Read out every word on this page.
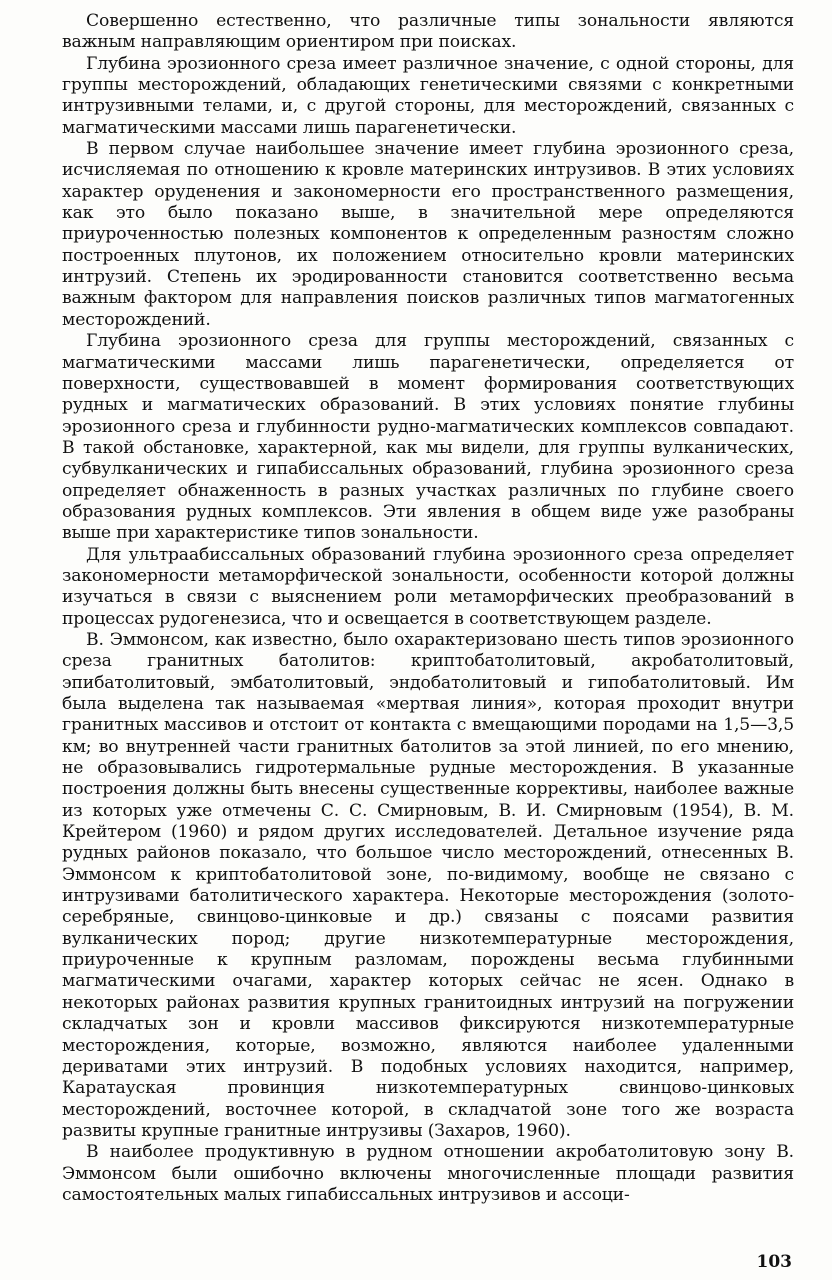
Совершенно естественно, что различные типы зональности являются важным направляющим ориентиром при поисках.

Глубина эрозионного среза имеет различное значение, с одной стороны, для группы месторождений, обладающих генетическими связями с конкретными интрузивными телами, и, с другой стороны, для месторождений, связанных с магматическими массами лишь парагенетически.

В первом случае наибольшее значение имеет глубина эрозионного среза, исчисляемая по отношению к кровле материнских интрузивов. В этих условиях характер оруденения и закономерности его пространственного размещения, как это было показано выше, в значительной мере определяются приуроченностью полезных компонентов к определенным разностям сложно построенных плутонов, их положением относительно кровли материнских интрузий. Степень их эродированности становится соответственно весьма важным фактором для направления поисков различных типов магматогенных месторождений.

Глубина эрозионного среза для группы месторождений, связанных с магматическими массами лишь парагенетически, определяется от поверхности, существовавшей в момент формирования соответствующих рудных и магматических образований. В этих условиях понятие глубины эрозионного среза и глубинности рудно-магматических комплексов совпадают. В такой обстановке, характерной, как мы видели, для группы вулканических, субвулканических и гипабиссальных образований, глубина эрозионного среза определяет обнаженность в разных участках различных по глубине своего образования рудных комплексов. Эти явления в общем виде уже разобраны выше при характеристике типов зональности.

Для ультраабиссальных образований глубина эрозионного среза определяет закономерности метаморфической зональности, особенности которой должны изучаться в связи с выяснением роли метаморфических преобразований в процессах рудогенезиса, что и освещается в соответствующем разделе.

В. Эммонсом, как известно, было охарактеризовано шесть типов эрозионного среза гранитных батолитов: криптобатолитовый, акробатолитовый, эпибатолитовый, эмбатолитовый, эндобатолитовый и гипобатолитовый. Им была выделена так называемая «мертвая линия», которая проходит внутри гранитных массивов и отстоит от контакта с вмещающими породами на 1,5—3,5 км; во внутренней части гранитных батолитов за этой линией, по его мнению, не образовывались гидротермальные рудные месторождения. В указанные построения должны быть внесены существенные коррективы, наиболее важные из которых уже отмечены С. С. Смирновым, В. И. Смирновым (1954), В. М. Крейтером (1960) и рядом других исследователей. Детальное изучение ряда рудных районов показало, что большое число месторождений, отнесенных В. Эммонсом к криптобатолитовой зоне, по-видимому, вообще не связано с интрузивами батолитического характера. Некоторые месторождения (золото-серебряные, свинцово-цинковые и др.) связаны с поясами развития вулканических пород; другие низкотемпературные месторождения, приуроченные к крупным разломам, порождены весьма глубинными магматическими очагами, характер которых сейчас не ясен. Однако в некоторых районах развития крупных гранитоидных интрузий на погружении складчатых зон и кровли массивов фиксируются низкотемпературные месторождения, которые, возможно, являются наиболее удаленными дериватами этих интрузий. В подобных условиях находится, например, Каратауская провинция низкотемпературных свинцово-цинковых месторождений, восточнее которой, в складчатой зоне того же возраста развиты крупные гранитные интрузивы (Захаров, 1960).

В наиболее продуктивную в рудном отношении акробатолитовую зону В. Эммонсом были ошибочно включены многочисленные площади развития самостоятельных малых гипабиссальных интрузивов и ассоци-

103
